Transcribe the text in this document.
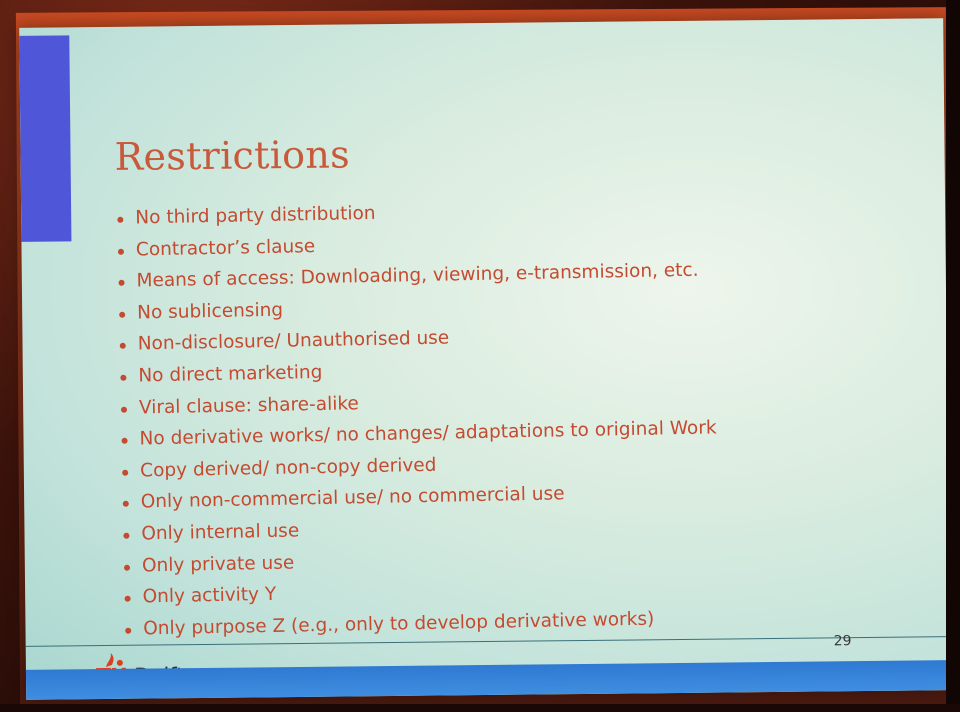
Restrictions
No third party distribution
Contractor’s clause
Means of access: Downloading, viewing, e-transmission, etc.
No sublicensing
Non-disclosure/ Unauthorised use
No direct marketing
Viral clause: share-alike
No derivative works/ no changes/ adaptations to original Work
Copy derived/ non-copy derived
Only non-commercial use/ no commercial use
Only internal use
Only private use
Only activity Y
Only purpose Z (e.g., only to develop derivative works)
29
